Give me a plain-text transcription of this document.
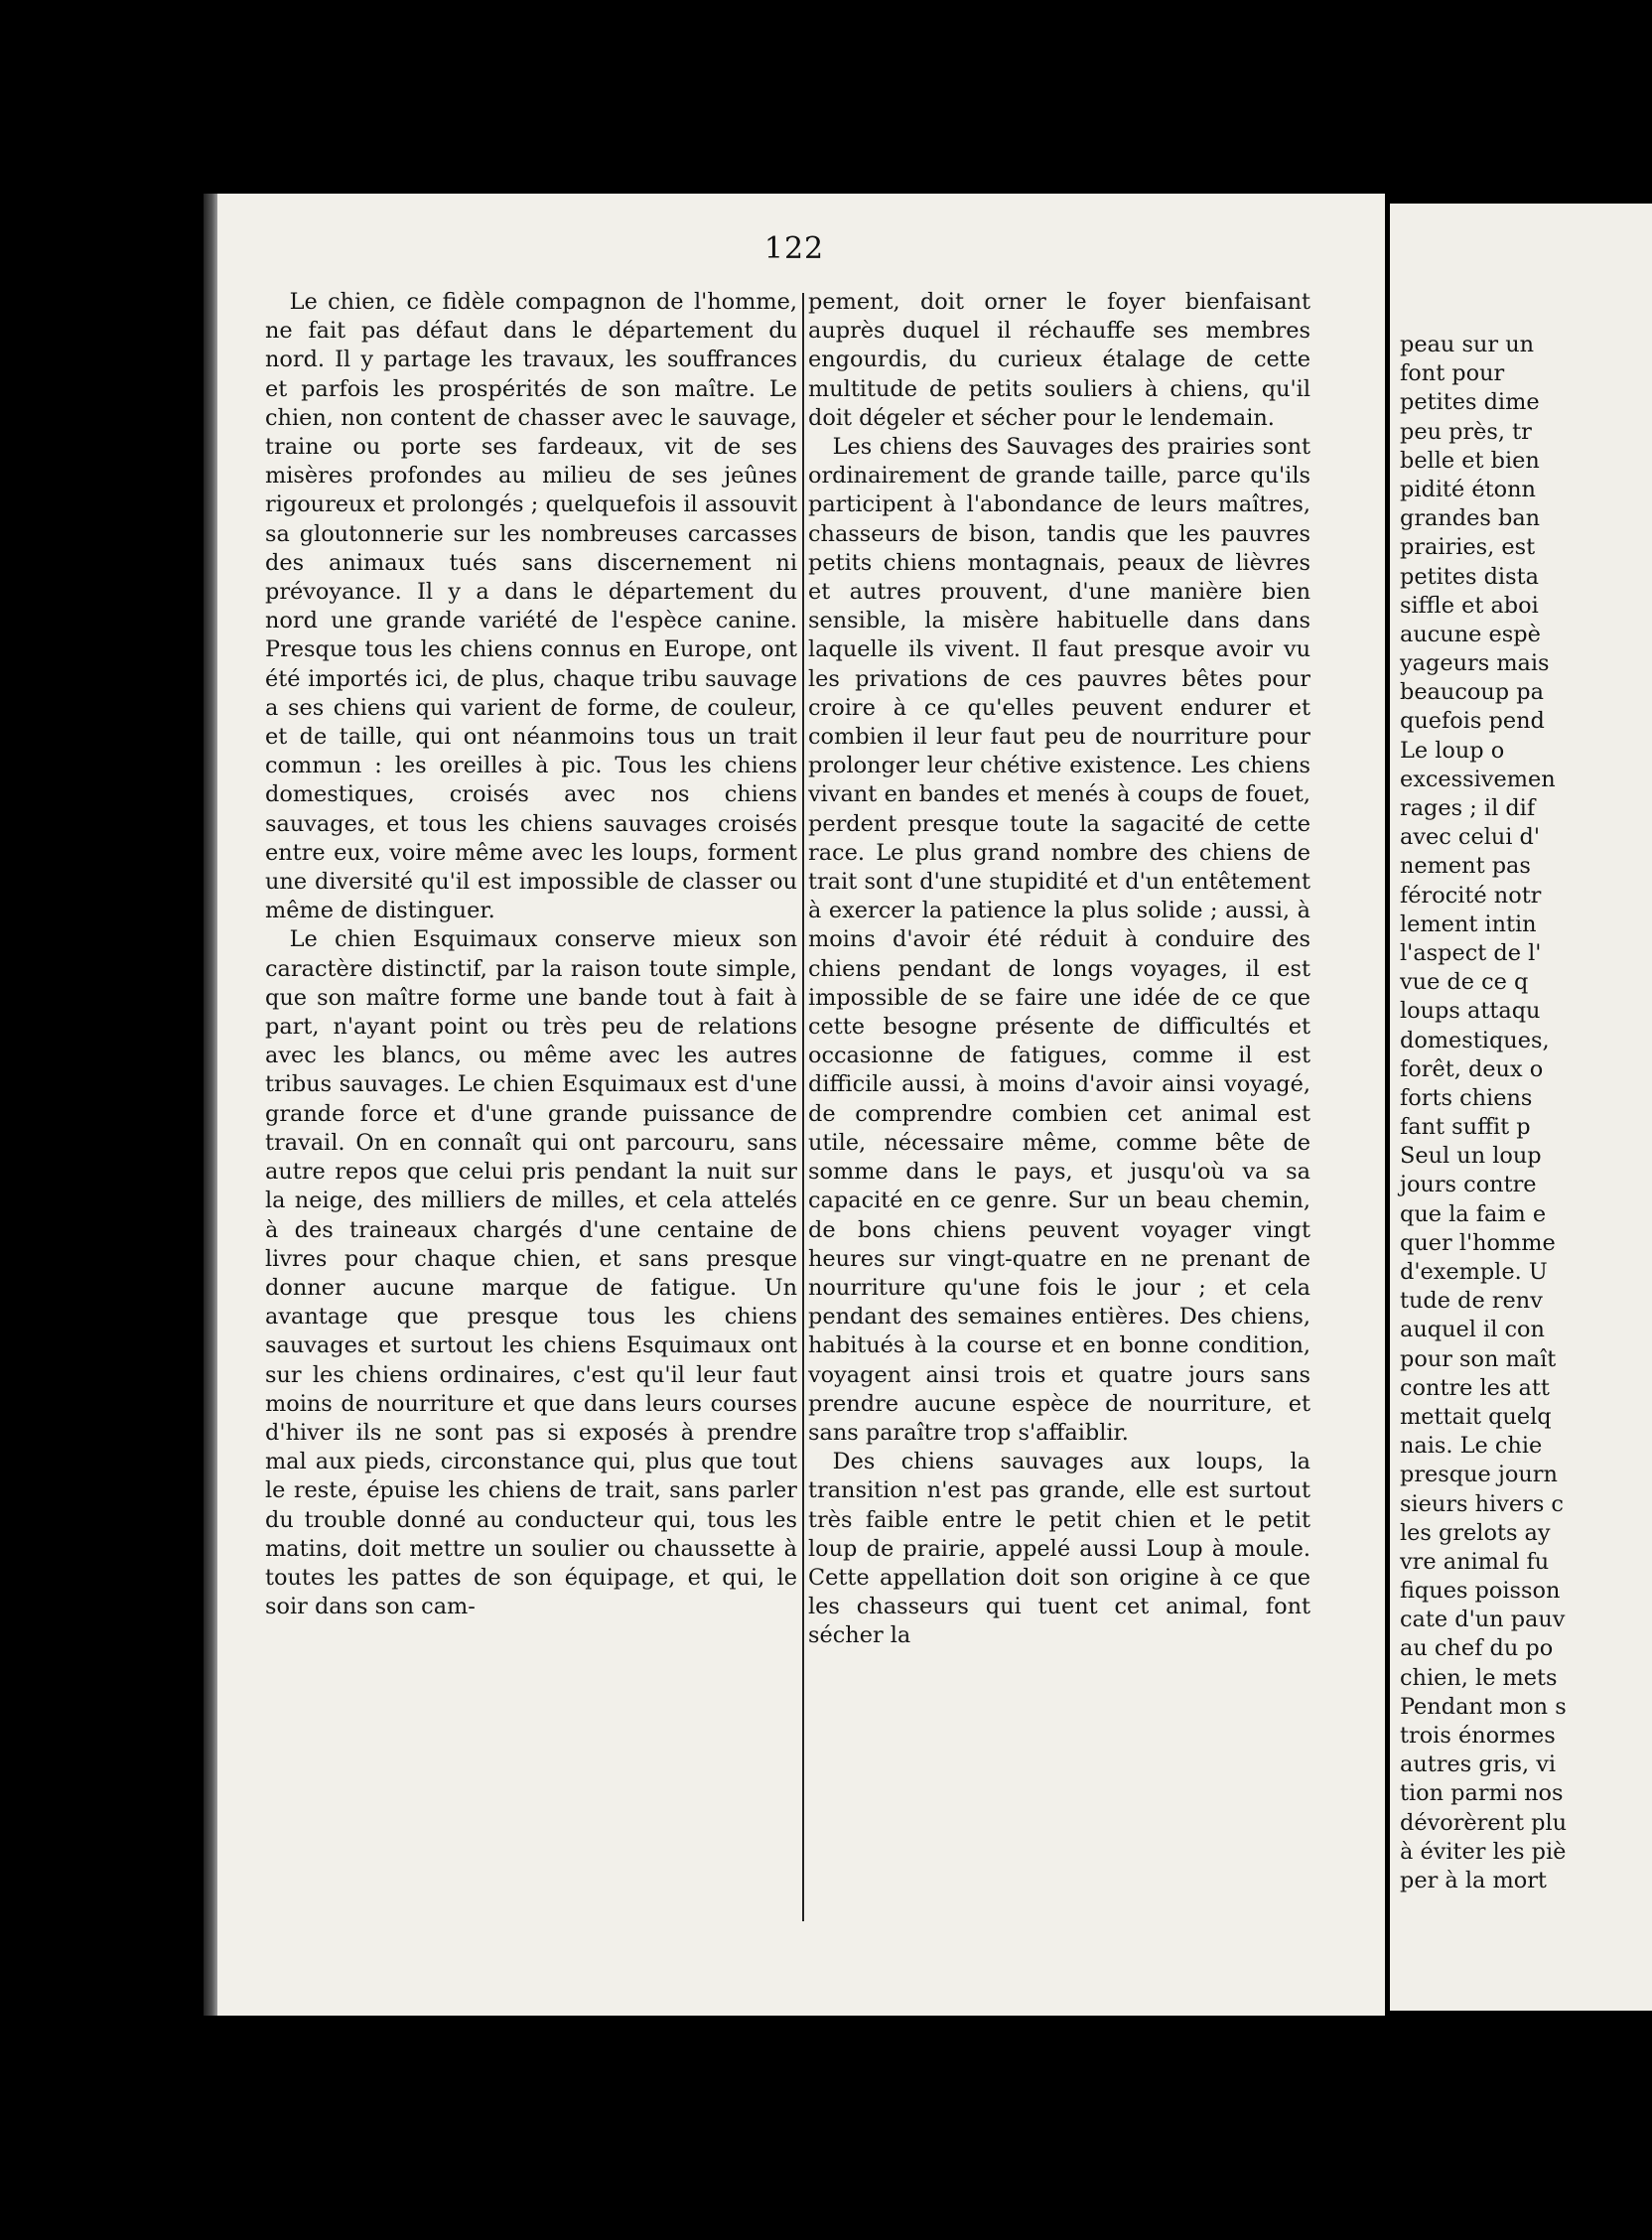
122

Le chien, ce fidèle compagnon de l'homme, ne fait pas défaut dans le département du nord. Il y partage les travaux, les souffrances et parfois les prospérités de son maître. Le chien, non content de chasser avec le sauvage, traine ou porte ses fardeaux, vit de ses misères profondes au milieu de ses jeûnes rigoureux et prolongés ; quelquefois il assouvit sa gloutonnerie sur les nombreuses carcasses des animaux tués sans discernement ni prévoyance. Il y a dans le département du nord une grande variété de l'espèce canine. Presque tous les chiens connus en Europe, ont été importés ici, de plus, chaque tribu sauvage a ses chiens qui varient de forme, de couleur, et de taille, qui ont néanmoins tous un trait commun : les oreilles à pic. Tous les chiens domestiques, croisés avec nos chiens sauvages, et tous les chiens sauvages croisés entre eux, voire même avec les loups, forment une diversité qu'il est impossible de classer ou même de distinguer.

Le chien Esquimaux conserve mieux son caractère distinctif, par la raison toute simple, que son maître forme une bande tout à fait à part, n'ayant point ou très peu de relations avec les blancs, ou même avec les autres tribus sauvages. Le chien Esquimaux est d'une grande force et d'une grande puissance de travail. On en connaît qui ont parcouru, sans autre repos que celui pris pendant la nuit sur la neige, des milliers de milles, et cela attelés à des traineaux chargés d'une centaine de livres pour chaque chien, et sans presque donner aucune marque de fatigue. Un avantage que presque tous les chiens sauvages et surtout les chiens Esquimaux ont sur les chiens ordinaires, c'est qu'il leur faut moins de nourriture et que dans leurs courses d'hiver ils ne sont pas si exposés à prendre mal aux pieds, circonstance qui, plus que tout le reste, épuise les chiens de trait, sans parler du trouble donné au conducteur qui, tous les matins, doit mettre un soulier ou chaussette à toutes les pattes de son équipage, et qui, le soir dans son cam-

pement, doit orner le foyer bienfaisant auprès duquel il réchauffe ses membres engourdis, du curieux étalage de cette multitude de petits souliers à chiens, qu'il doit dégeler et sécher pour le lendemain.

Les chiens des Sauvages des prairies sont ordinairement de grande taille, parce qu'ils participent à l'abondance de leurs maîtres, chasseurs de bison, tandis que les pauvres petits chiens montagnais, peaux de lièvres et autres prouvent, d'une manière bien sensible, la misère habituelle dans dans laquelle ils vivent. Il faut presque avoir vu les privations de ces pauvres bêtes pour croire à ce qu'elles peuvent endurer et combien il leur faut peu de nourriture pour prolonger leur chétive existence. Les chiens vivant en bandes et menés à coups de fouet, perdent presque toute la sagacité de cette race. Le plus grand nombre des chiens de trait sont d'une stupidité et d'un entêtement à exercer la patience la plus solide ; aussi, à moins d'avoir été réduit à conduire des chiens pendant de longs voyages, il est impossible de se faire une idée de ce que cette besogne présente de difficultés et occasionne de fatigues, comme il est difficile aussi, à moins d'avoir ainsi voyagé, de comprendre combien cet animal est utile, nécessaire même, comme bête de somme dans le pays, et jusqu'où va sa capacité en ce genre. Sur un beau chemin, de bons chiens peuvent voyager vingt heures sur vingt-quatre en ne prenant de nourriture qu'une fois le jour ; et cela pendant des semaines entières. Des chiens, habitués à la course et en bonne condition, voyagent ainsi trois et quatre jours sans prendre aucune espèce de nourriture, et sans paraître trop s'affaiblir.

Des chiens sauvages aux loups, la transition n'est pas grande, elle est surtout très faible entre le petit chien et le petit loup de prairie, appelé aussi Loup à moule. Cette appellation doit son origine à ce que les chasseurs qui tuent cet animal, font sécher la

peau sur un
font pour
petites dime
peu près, tr
belle et bien
pidité étonn
grandes ban
prairies, est
petites dista
siffle et aboi
aucune espè
yageurs mais
beaucoup pa
quefois pend
Le loup o
excessivemen
rages ; il dif
avec celui d'
nement pas
férocité notr
lement intin
l'aspect de l'
vue de ce q
loups attaqu
domestiques,
forêt, deux o
forts chiens
fant suffit p
Seul un loup
jours contre
que la faim e
quer l'homme
d'exemple. U
tude de renv
auquel il con
pour son maît
contre les att
mettait quelq
nais. Le chie
presque journ
sieurs hivers c
les grelots ay
vre animal fu
fiques poisson
cate d'un pauv
au chef du po
chien, le mets
Pendant mon s
trois énormes
autres gris, vi
tion parmi nos
dévorèrent plu
à éviter les piè
per à la mort
